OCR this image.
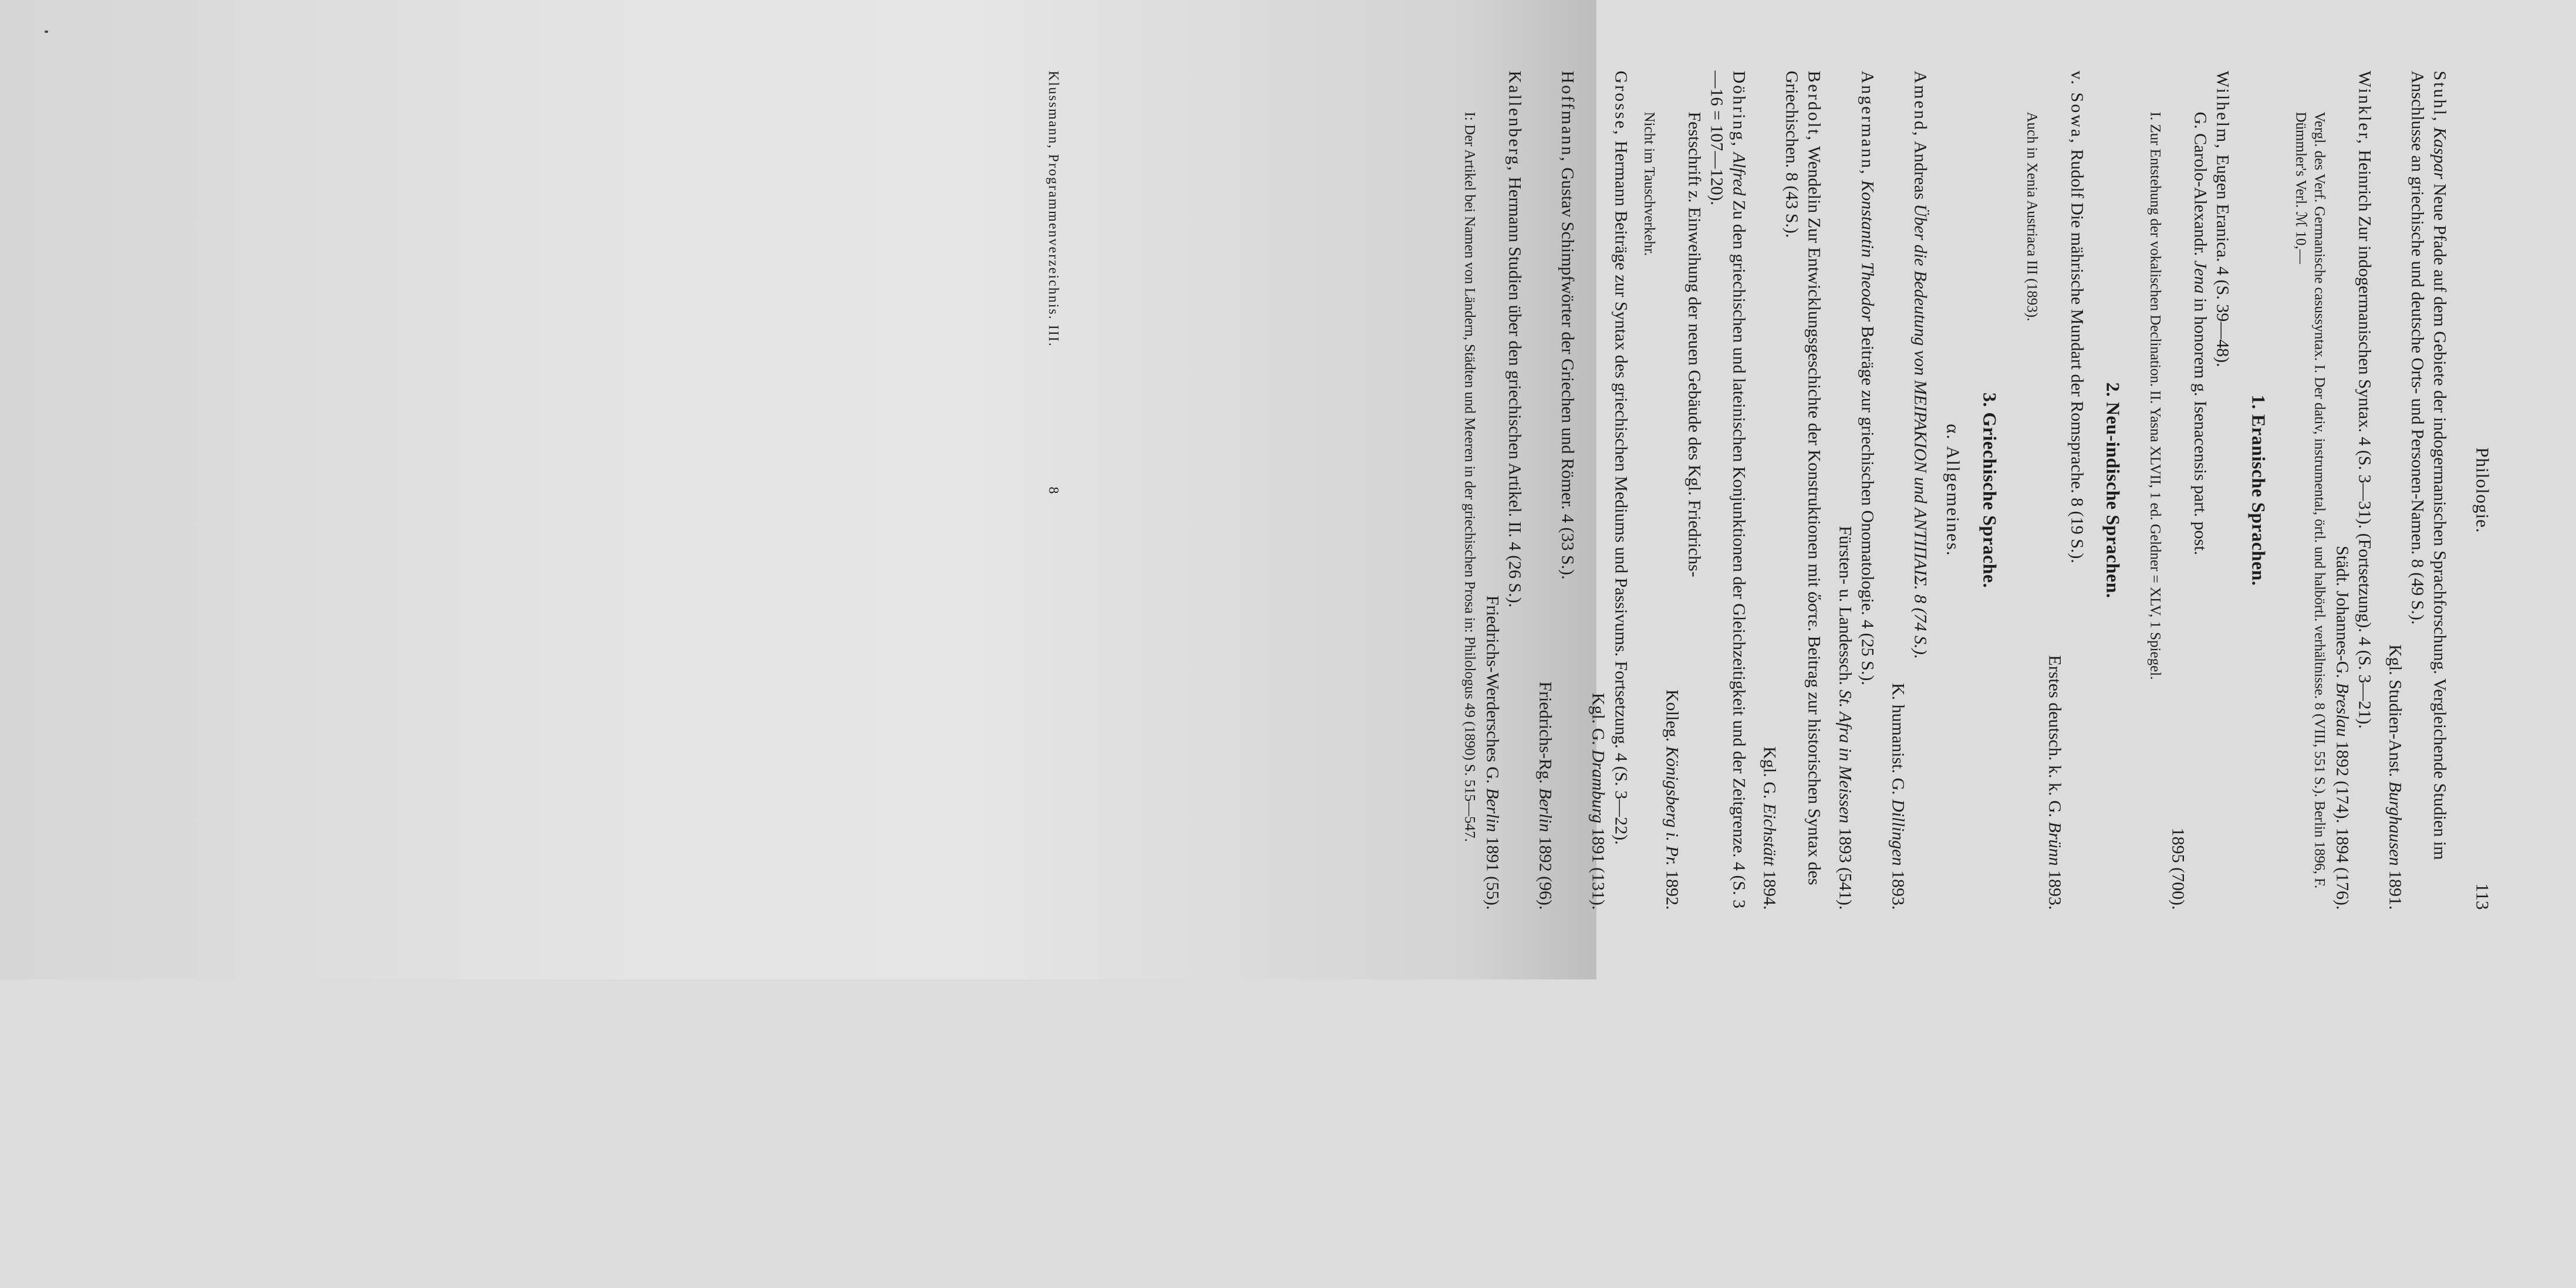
Philologie.
113
Stuhl, Kaspar Neue Pfade auf dem Gebiete der indogermanischen Sprachforschung. Vergleichende Studien im Anschlusse an griechische und deutsche Orts- und Personen-Namen. 8 (49 S.).
Kgl. Studien-Anst. Burghausen 1891.
Winkler, Heinrich Zur indogermanischen Syntax. 4 (S. 3—31). (Fortsetzung). 4 (S. 3—21).
Städt. Johannes-G. Breslau 1892 (174). 1894 (176).
Vergl. des Verf. Germanische casussyntax. I. Der dativ, instrumental, örtl. und halbörtl. verhältnisse. 8 (VIII, 551 S.). Berlin 1896, F. Dümmler's Verl. ℳ 10,—
1. Eranische Sprachen.
Wilhelm, Eugen Eranica. 4 (S. 39—48).
G. Carolo-Alexandr. Jena in honorem g. Isenacensis part. post.
1895 (700).
I. Zur Entstehung der vokalischen Declination. II. Yasna XLVII, 1 ed. Geldner = XLV, 1 Spiegel.
2. Neu-indische Sprachen.
v. Sowa, Rudolf Die mährische Mundart der Romsprache. 8 (19 S.).
Erstes deutsch. k. k. G. Brünn 1893.
Auch in Xenia Austriaca III (1893).
3. Griechische Sprache.
α. Allgemeines.
Amend, Andreas Über die Bedeutung von ΜΕΙΡΑΚΙΟΝ und ΑΝΤΙΠΑΙΣ. 8 (74 S.).
K. humanist. G. Dillingen 1893.
Angermann, Konstantin Theodor Beiträge zur griechischen Onomatologie. 4 (25 S.).
Fürsten- u. Landessch. St. Afra in Meissen 1893 (541).
Berdolt, Wendelin Zur Entwicklungsgeschichte der Konstruktionen mit ὥστε. Beitrag zur historischen Syntax des Griechischen. 8 (43 S.).
Kgl. G. Eichstätt 1894.
Döhring, Alfred Zu den griechischen und lateinischen Konjunktionen der Gleichzeitigkeit und der Zeitgrenze. 4 (S. 3—16 = 107—120).
Festschrift z. Einweihung der neuen Gebäude des Kgl. Friedrichs-
Kolleg. Königsberg i. Pr. 1892.
Nicht im Tauschverkehr.
Grosse, Hermann Beiträge zur Syntax des griechischen Mediums und Passivums. Fortsetzung. 4 (S. 3—22).
Kgl. G. Dramburg 1891 (131).
Hoffmann, Gustav Schimpfwörter der Griechen und Römer. 4 (33 S.).
Friedrichs-Rg. Berlin 1892 (96).
Kallenberg, Hermann Studien über den griechischen Artikel. II. 4 (26 S.).
Friedrichs-Werdersches G. Berlin 1891 (55).
I: Der Artikel bei Namen von Ländern, Städten und Meeren in der griechischen Prosa in: Philologus 49 (1890) S. 515—547.
Klussmann, Programmenverzeichnis. III.
8
